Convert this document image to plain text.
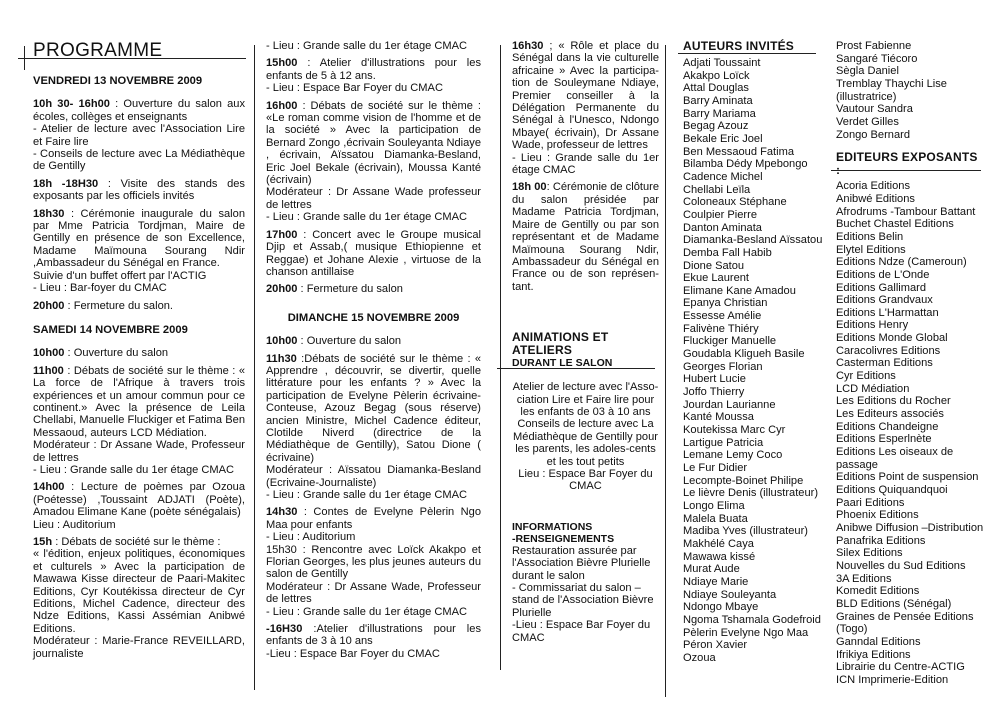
PROGRAMME
VENDREDI 13 NOVEMBRE 2009
10h 30- 16h00 : Ouverture du salon aux écoles, collèges et enseignants
- Atelier de lecture avec l'Association Lire et Faire lire
- Conseils de lecture avec La Médiathèque de Gentilly
18h -18H30 : Visite des stands des exposants par les officiels invités
18h30 : Cérémonie inaugurale du salon par Mme Patricia Tordjman, Maire de Gentilly en présence de son Excellence, Madame Maïmouna Sourang Ndir ,Ambassadeur du Sénégal en France.
Suivie d'un buffet offert par l'ACTIG
- Lieu : Bar-foyer du CMAC
20h00 : Fermeture du salon.
SAMEDI 14 NOVEMBRE 2009
10h00 : Ouverture du salon
11h00 : Débats de société sur le thème : « La force de l'Afrique à travers trois expériences et un amour commun pour ce continent.» Avec la présence de Leila Chellabi, Manuelle Fluckiger et Fatima Ben Messaoud, auteurs LCD Médiation.
Modérateur : Dr Assane Wade, Professeur de lettres
- Lieu : Grande salle du 1er étage CMAC
14h00 : Lecture de poèmes par Ozoua (Poétesse) ,Toussaint ADJATI (Poète), Amadou Elimane Kane (poète sénégalais)
Lieu : Auditorium
15h : Débats de société sur le thème :
« l'édition, enjeux politiques, économiques et culturels » Avec la participation de Mawawa Kisse directeur de Paari-Makitec Editions, Cyr Koutékissa directeur de Cyr Editions, Michel Cadence, directeur des Ndze Editions, Kassi Assémian Anibwé Editions.
Modérateur : Marie-France REVEILLARD, journaliste
- Lieu : Grande salle du 1er étage CMAC
15h00 : Atelier d'illustrations pour les enfants de 5 à 12 ans.
- Lieu : Espace Bar Foyer du CMAC
16h00 : Débats de société sur le thème : «Le roman comme vision de l'homme et de la société » Avec la participation de Bernard Zongo ,écrivain Souleyanta Ndiaye , écrivain, Aïssatou Diamanka-Besland, Eric Joel Bekale (écrivain), Moussa Kanté (écrivain)
Modérateur : Dr Assane Wade professeur de lettres
- Lieu : Grande salle du 1er étage CMAC
17h00 : Concert avec le Groupe musical Djip et Assab,( musique Ethiopienne et Reggae) et Johane Alexie , virtuose de la chanson antillaise
20h00 : Fermeture du salon
DIMANCHE 15 NOVEMBRE 2009
10h00 : Ouverture du salon
11h30 :Débats de société sur le thème : « Apprendre , découvrir, se divertir, quelle littérature pour les enfants ? » Avec la participation de Evelyne Pèlerin écrivaine-Conteuse, Azouz Begag (sous réserve) ancien Ministre, Michel Cadence éditeur, Clotilde Niverd (directrice de la Médiathèque de Gentilly), Satou Dione ( écrivaine)
Modérateur : Aïssatou Diamanka-Besland (Ecrivaine-Journaliste)
- Lieu : Grande salle du 1er étage CMAC
14h30 : Contes de Evelyne Pèlerin Ngo Maa pour enfants
- Lieu : Auditorium
15h30 : Rencontre avec Loïck Akakpo et Florian Georges, les plus jeunes auteurs du salon de Gentilly
Modérateur : Dr Assane Wade, Professeur de lettres
- Lieu : Grande salle du 1er étage CMAC
-16H30 :Atelier d'illustrations pour les enfants de 3 à 10 ans
-Lieu : Espace Bar Foyer du CMAC
16h30 ; « Rôle et place du Sénégal dans la vie culturelle africaine » Avec la participa-tion de Souleymane Ndiaye, Premier conseiller à la Délégation Permanente du Sénégal à l'Unesco, Ndongo Mbaye( écrivain), Dr Assane Wade, professeur de lettres
- Lieu : Grande salle du 1er étage CMAC
18h 00: Cérémonie de clôture du salon présidée par Madame Patricia Tordjman, Maire de Gentilly ou par son représentant et de Madame Maïmouna Sourang Ndir, Ambassadeur du Sénégal en France ou de son représen-tant.
ANIMATIONS ET ATELIERS
DURANT LE SALON
Atelier de lecture avec l'Asso-ciation Lire et Faire lire pour les enfants de 03 à 10 ans Conseils de lecture avec La Médiathèque de Gentilly pour les parents, les adoles-cents et les tout petits
Lieu : Espace Bar Foyer du CMAC
INFORMATIONS
-RENSEIGNEMENTS
Restauration assurée par l'Association Bièvre Plurielle durant le salon
- Commissariat du salon – stand de l'Association Bièvre Plurielle
-Lieu : Espace Bar Foyer du CMAC
AUTEURS INVITÉS
Adjati Toussaint
Akakpo Loïck
Attal Douglas
Barry Aminata
Barry Mariama
Begag Azouz
Bekale Eric Joel
Ben Messaoud Fatima
Bilamba Dédy Mpebongo
Cadence Michel
Chellabi Leïla
Coloneaux Stéphane
Coulpier Pierre
Danton Aminata
Diamanka-Besland Aïssatou
Demba Fall Habib
Dione Satou
Ekue Laurent
Elimane Kane Amadou
Epanya Christian
Essesse Amélie
Falivène Thiéry
Fluckiger Manuelle
Goudabla Kligueh Basile
Georges Florian
Hubert Lucie
Joffo Thierry
Jourdan Laurianne
Kanté Moussa
Koutekissa Marc Cyr
Lartigue Patricia
Lemane Lemy Coco
Le Fur Didier
Lecompte-Boinet Philipe
Le lièvre Denis (illustrateur)
Longo Elima
Malela Buata
Madiba Yves (illustrateur)
Makhélé Caya
Mawawa kissé
Murat Aude
Ndiaye Marie
Ndiaye Souleyanta
Ndongo Mbaye
Ngoma Tshamala Godefroid
Pèlerin Evelyne Ngo Maa
Péron Xavier
Ozoua
Prost Fabienne
Sangaré Tiécoro
Sègla Daniel
Tremblay Thaychi Lise (illustratrice)
Vautour Sandra
Verdet Gilles
Zongo Bernard
EDITEURS EXPOSANTS :
Acoria Editions
Anibwé Editions
Afrodrums -Tambour Battant
Buchet Chastel Editions
Editions Belin
Elytel Editions
Editions Ndze (Cameroun)
Editions de L'Onde
Editions Gallimard
Editions Grandvaux
Editions L'Harmattan
Editions Henry
Editions Monde Global
Caracolivres Editions
Casterman Editions
Cyr Editions
LCD Médiation
Les Editions du Rocher
Les Editeurs associés
Editions Chandeigne
Editions Esperlnète
Editions Les oiseaux de passage
Editions Point de suspension
Editions Quiquandquoi
Paari Editions
Phoenix Editions
Anibwe Diffusion –Distribution
Panafrika Editions
Silex Editions
Nouvelles du Sud Editions
3A Editions
Komedit Editions
BLD Editions (Sénégal)
Graines de Pensée Editions (Togo)
Ganndal Editions
Ifrikiya Editions
Librairie du Centre-ACTIG
ICN Imprimerie-Edition
